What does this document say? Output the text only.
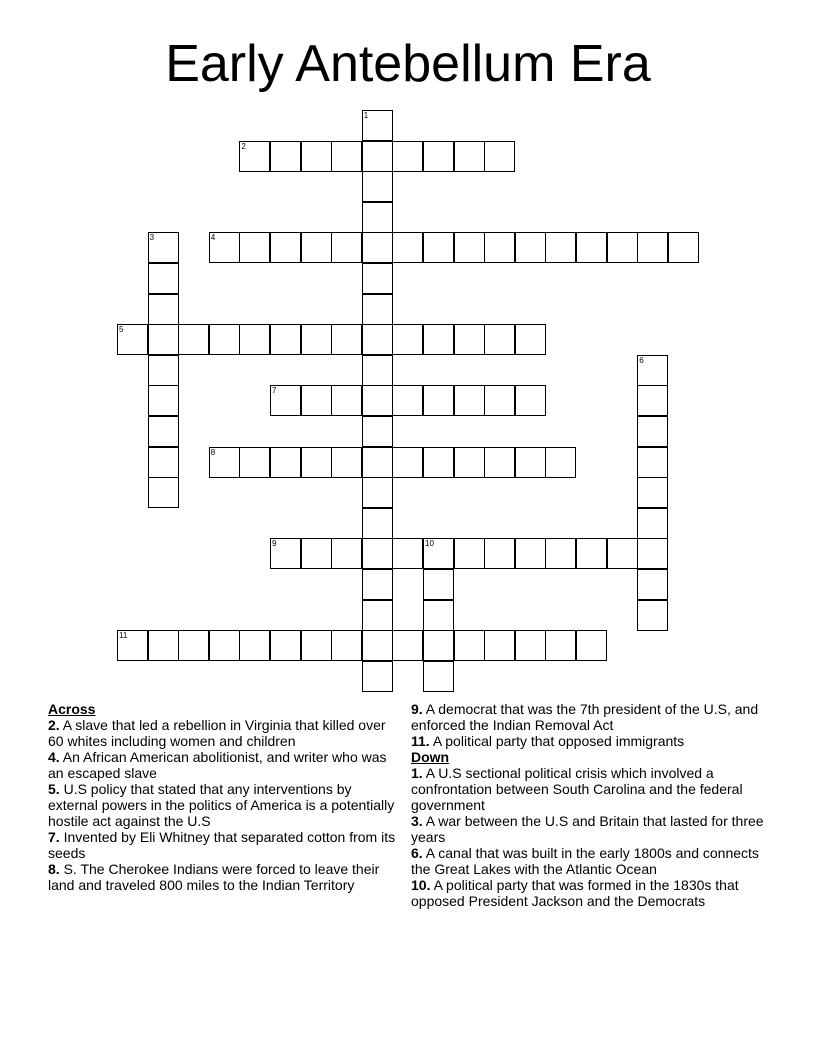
Early Antebellum Era
1
2
3	4
5
6
7
8
9	10
11

Across

2. A slave that led a rebellion in Virginia that killed over 60 whites including women and children

4. An African American abolitionist, and writer who was an escaped slave

5. U.S policy that stated that any interventions by external powers in the politics of America is a potentially hostile act against the U.S

7. Invented by Eli Whitney that separated cotton from its seeds

8. S. The Cherokee Indians were forced to leave their land and traveled 800 miles to the Indian Territory

9. A democrat that was the 7th president of the U.S, and enforced the Indian Removal Act

11. A political party that opposed immigrants

Down

1. A U.S sectional political crisis which involved a confrontation between South Carolina and the federal government

3. A war between the U.S and Britain that lasted for three years

6. A canal that was built in the early 1800s and connects the Great Lakes with the Atlantic Ocean

10. A political party that was formed in the 1830s that opposed President Jackson and the Democrats
